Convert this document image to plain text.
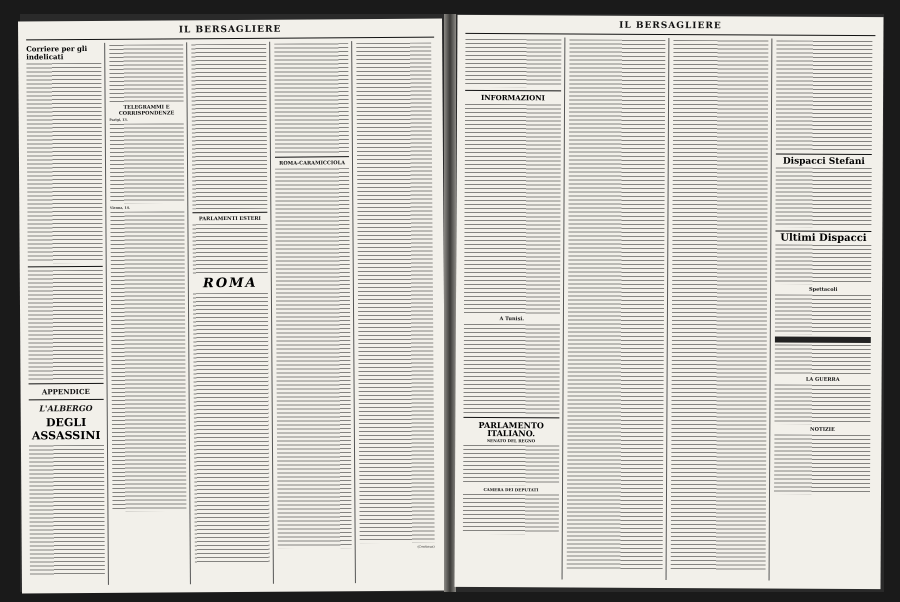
IL BERSAGLIERE
Corriere per gli indelicati
APPENDICE
L'ALBERGO
DEGLI ASSASSINI
TELEGRAMMI E CORRISPONDENZE
Parigi, 13.
Vienna, 14.
PARLAMENTI ESTERI
ROMA
ROMA-CARAMICCIOLA
(Continua)
IL BERSAGLIERE
INFORMAZIONI
A Tunisi.
PARLAMENTO ITALIANO.
SENATO DEL REGNO
CAMERA DEI DEPUTATI
Dispacci Stefani
Ultimi Dispacci
Spettacoli
LA GUERRA
NOTIZIE
